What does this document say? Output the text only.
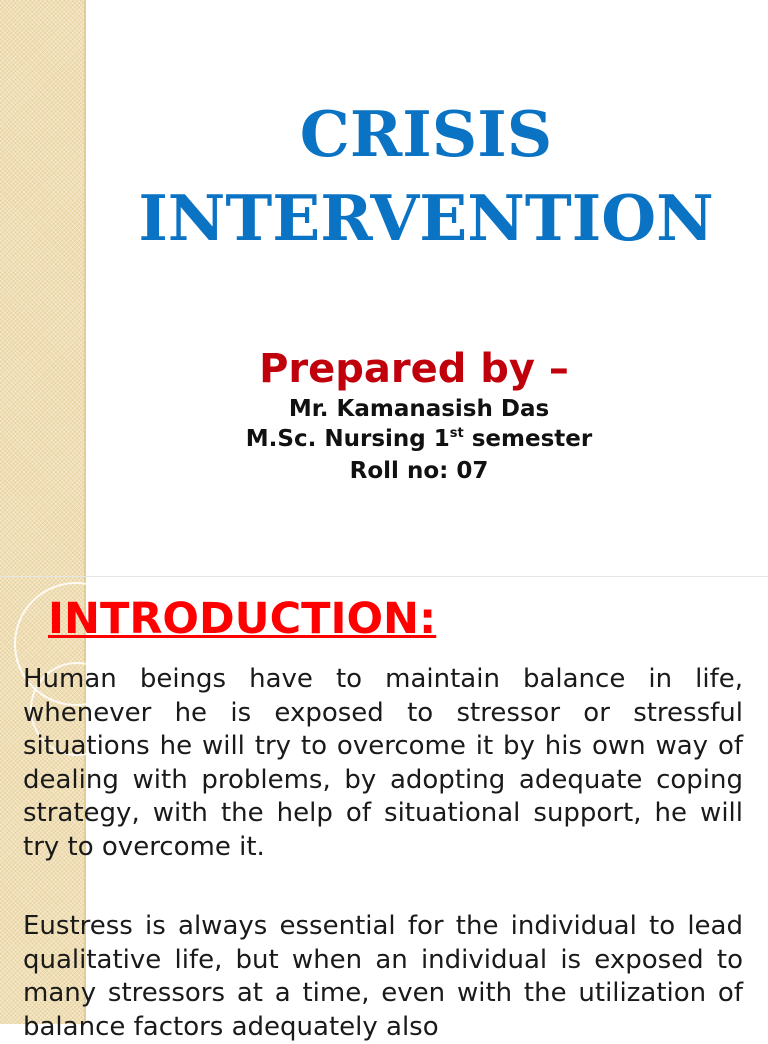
CRISIS
INTERVENTION
Prepared by –

Mr. Kamanasish Das

M.Sc. Nursing 1st semester

Roll no: 07

INTRODUCTION:

Human beings have to maintain balance in life, whenever he is exposed to stressor or stressful situations he will try to overcome it by his own way of dealing with problems, by adopting adequate coping strategy, with the help of situational support, he will try to overcome it.

Eustress is always essential for the individual to lead qualitative life, but when an individual is exposed to many stressors at a time, even with the utilization of balance factors adequately also
